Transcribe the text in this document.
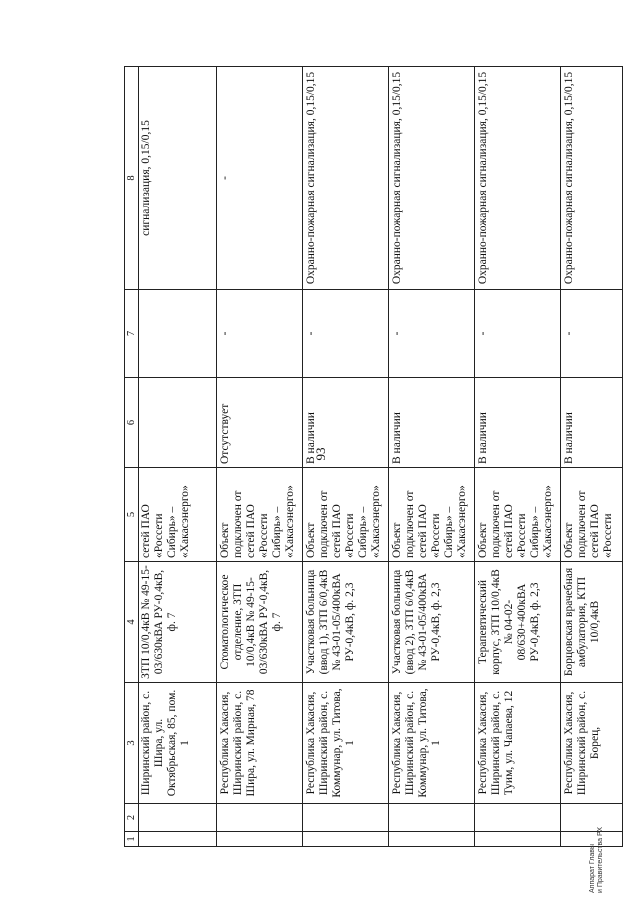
93
1	2	3	4	5	6	7	8
		Ширинский район, с. Шира, ул. Октябрьская, 85, пом. 1	ЗТП 10/0,4кВ № 49-15-03/630кВА РУ-0,4кВ, ф. 7	сетей ПАО «Россети Сибирь» – «Хакасэнерго»			сигнализация, 0,15/0,15
		Республика Хакасия, Ширинский район, с. Шира, ул. Мирная, 78	Стоматологическое отделение, ЗТП 10/0,4кВ № 49-15-03/630кВА РУ-0,4кВ, ф. 7	Объект подключен от сетей ПАО «Россети Сибирь» – «Хакасэнерго»	Отсутствует	-	-
		Республика Хакасия, Ширинский район, с. Коммунар, ул. Титова, 1	Участковая больница (ввод 1), ЗТП 6/0,4кВ № 43-01-05/400кВА РУ-0,4кВ, ф. 2,3	Объект подключен от сетей ПАО «Россети Сибирь» – «Хакасэнерго»	В наличии	-	Охранно-пожарная сигнализация, 0,15/0,15
		Республика Хакасия, Ширинский район, с. Коммунар, ул. Титова, 1	Участковая больница (ввод 2), ЗТП 6/0,4кВ № 43-01-05/400кВА РУ-0,4кВ, ф. 2,3	Объект подключен от сетей ПАО «Россети Сибирь» – «Хакасэнерго»	В наличии	-	Охранно-пожарная сигнализация, 0,15/0,15
		Республика Хакасия, Ширинский район, с. Туим, ул. Чапаева, 12	Терапевтический корпус, ЗТП 10/0,4кВ № 04-02-08/630+400кВА РУ-0,4кВ, ф. 2,3	Объект подключен от сетей ПАО «Россети Сибирь» – «Хакасэнерго»	В наличии	-	Охранно-пожарная сигнализация, 0,15/0,15
		Республика Хакасия, Ширинский район, с. Борец,	Борцовская врачебная амбулатория, КТП 10/0,4кВ	Объект подключен от сетей ПАО «Россети	В наличии	-	Охранно-пожарная сигнализация, 0,15/0,15
Аппарат Главы и Правительства РХ
